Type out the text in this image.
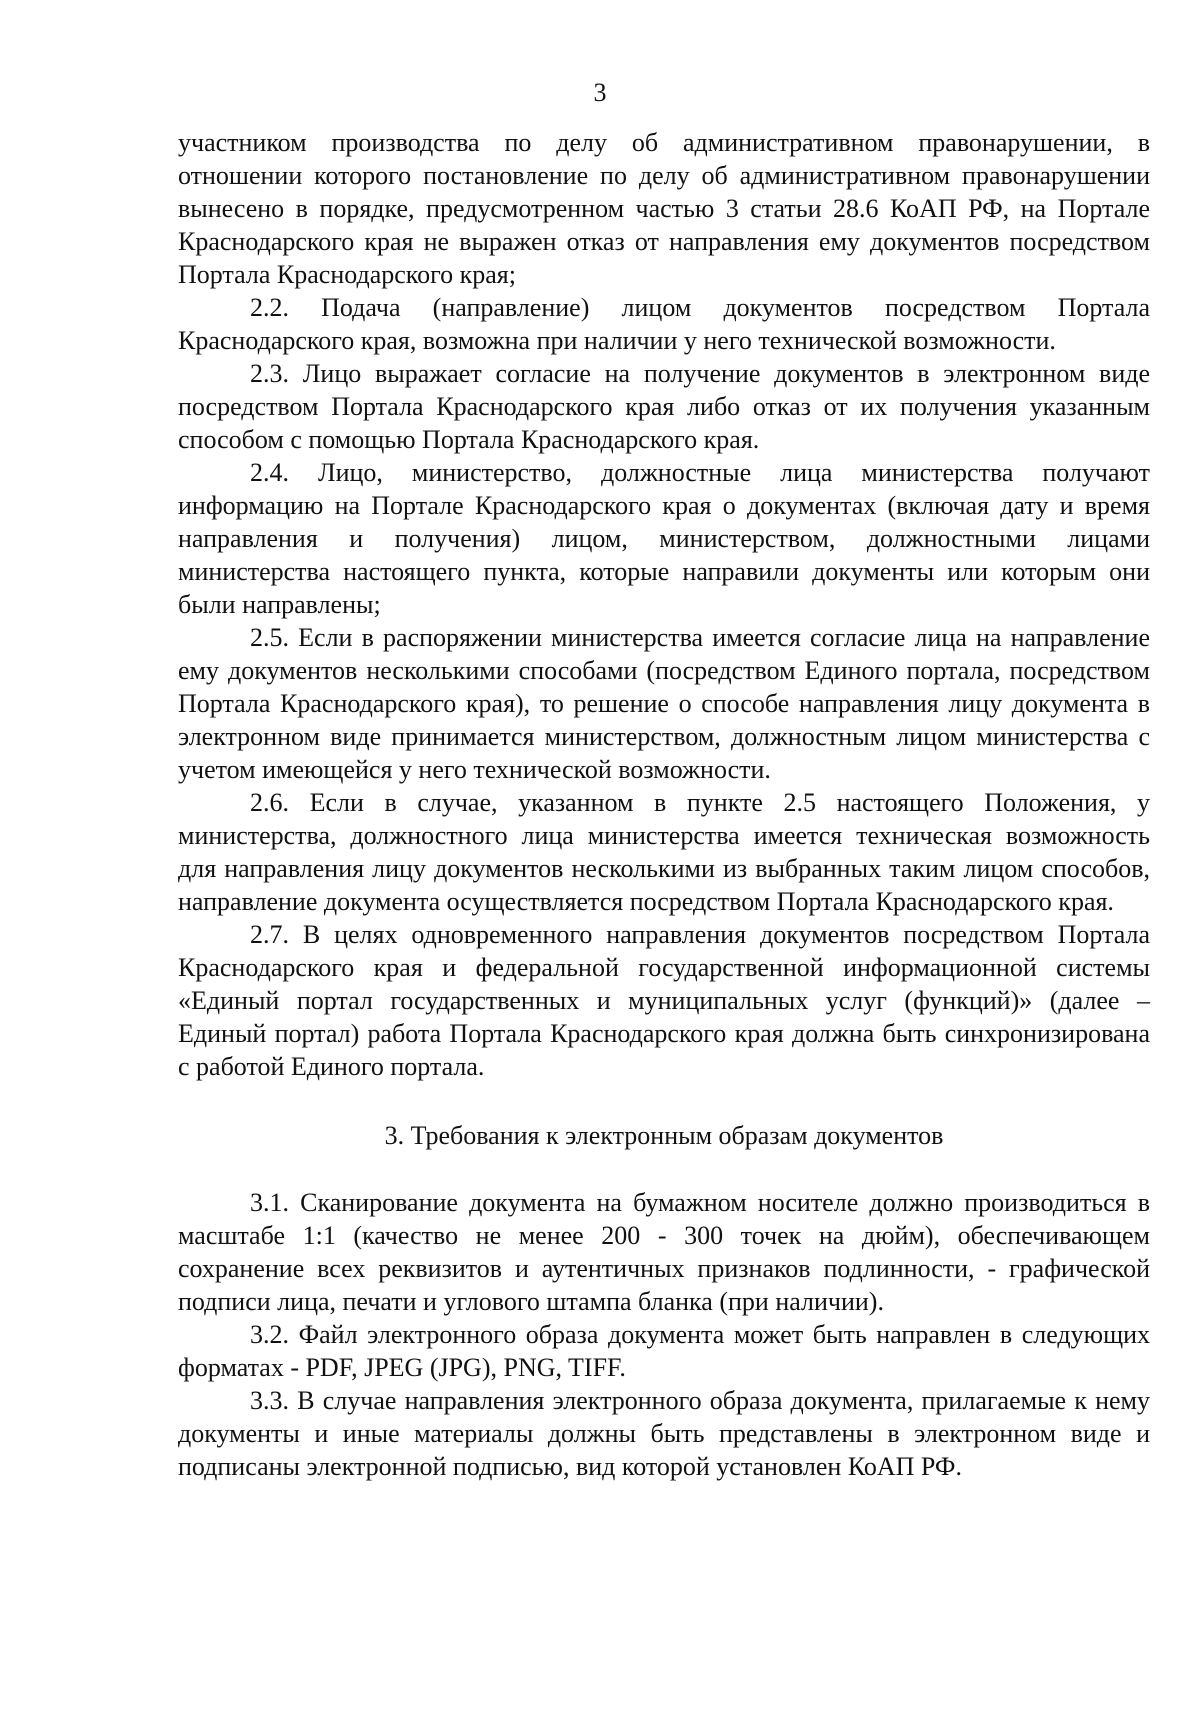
3

участником производства по делу об административном правонарушении, в отношении которого постановление по делу об административном правонарушении вынесено в порядке, предусмотренном частью 3 статьи 28.6 КоАП РФ, на Портале Краснодарского края не выражен отказ от направления ему документов посредством Портала Краснодарского края;

2.2. Подача (направление) лицом документов посредством Портала Краснодарского края, возможна при наличии у него технической возможности.

2.3. Лицо выражает согласие на получение документов в электронном виде посредством Портала Краснодарского края либо отказ от их получения указанным способом с помощью Портала Краснодарского края.

2.4. Лицо, министерство, должностные лица министерства получают информацию на Портале Краснодарского края о документах (включая дату и время направления и получения) лицом, министерством, должностными лицами министерства настоящего пункта, которые направили документы или которым они были направлены;

2.5. Если в распоряжении министерства имеется согласие лица на направление ему документов несколькими способами (посредством Единого портала, посредством Портала Краснодарского края), то решение о способе направления лицу документа в электронном виде принимается министерством, должностным лицом министерства с учетом имеющейся у него технической возможности.

2.6. Если в случае, указанном в пункте 2.5 настоящего Положения, у министерства, должностного лица министерства имеется техническая возможность для направления лицу документов несколькими из выбранных таким лицом способов, направление документа осуществляется посредством Портала Краснодарского края.

2.7. В целях одновременного направления документов посредством Портала Краснодарского края и федеральной государственной информационной системы «Единый портал государственных и муниципальных услуг (функций)» (далее – Единый портал) работа Портала Краснодарского края должна быть синхронизирована с работой Единого портала.

3. Требования к электронным образам документов

3.1. Сканирование документа на бумажном носителе должно производиться в масштабе 1:1 (качество не менее 200 - 300 точек на дюйм), обеспечивающем сохранение всех реквизитов и аутентичных признаков подлинности, - графической подписи лица, печати и углового штампа бланка (при наличии).

3.2. Файл электронного образа документа может быть направлен в следующих форматах - PDF, JPEG (JPG), PNG, TIFF.

3.3. В случае направления электронного образа документа, прилагаемые к нему документы и иные материалы должны быть представлены в электронном виде и подписаны электронной подписью, вид которой установлен КоАП РФ.
